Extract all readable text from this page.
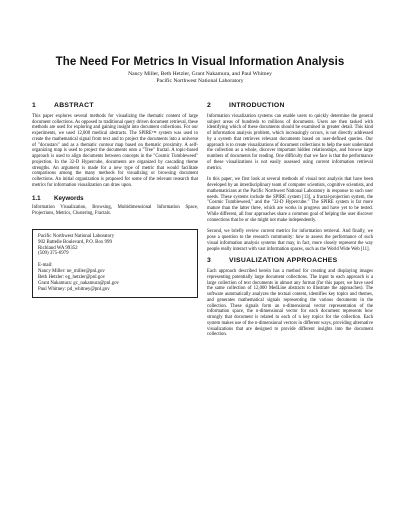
The Need For Metrics In Visual Information Analysis
Nancy Miller, Beth Hetzler, Grant Nakamura, and Paul Whitney
Pacific Northwest National Laboratory
1	ABSTRACT

This paper explores several methods for visualizing the thematic content of large document collections. As opposed to traditional query driven document retrieval, these methods are used for exploring and gaining insight into document collections. For our experiments, we used 12,000 medical abstracts. The SPIRE™ system was used to create the mathematical signal from text and to project the documents into a universe of "docustars" and as a thematic contour map based on thematic proximity. A self-organizing map is used to project the documents onto a "Tree" fractal. A topic-based approach is used to align documents between concepts in the "Cosmic Tumbleweed" projection. In the 32-D Hypercube, documents are organized by cascading theme strengths. An argument is made for a new type of metric that would facilitate comparisons among the many methods for visualizing or browsing document collections. An initial organization is proposed for some of the relevant research that metrics for information visualization can draw upon.

1.1 Keywords

Information Visualization, Browsing, Multidimensional Information Space, Projections, Metrics, Clustering, Fractals.

Pacific Northwest National Laboratory
902 Battelle Boulevard, P.O. Box 999
Richland WA 99352
(509) 375-6979
E-mail:
Nancy Miller: ne_miller@pnl.gov
Beth Hetzler: eg_hetzler@pnl.gov
Grant Nakamura: gc_nakamura@pnl.gov
Paul Whitney: pd_whitney@pnl.gov
2	INTRODUCTION

Information visualization systems can enable users to quickly determine the general subject areas of hundreds to millions of documents. Users are then tasked with identifying which of these documents should be examined in greater detail. This kind of information analysis problem, which increasingly occurs, is not directly addressed by a system that retrieves relevant documents based on user-defined queries. Our approach is to create visualizations of document collections to help the user understand the collection as a whole, discover important hidden relationships, and browse large numbers of documents for reading. One difficulty that we face is that the performance of these visualizations is not easily assessed using current information retrieval metrics.

In this paper, we first look at several methods of visual text analysis that have been developed by an interdisciplinary team of computer scientists, cognitive scientists, and mathematicians at the Pacific Northwest National Laboratory in response to such user needs. These systems include the SPIRE system [13], a fractal-projection system, the "Cosmic Tumbleweed," and the "32-D Hypercube." The SPIRE system is far more mature than the latter three, which are works in progress and have yet to be tested. While different, all four approaches share a common goal of helping the user discover connections that he or she might not make independently.

Second, we briefly review current metrics for information retrieval. And finally, we pose a question to the research community: how to assess the performance of such visual information analysis systems that may, in fact, more closely represent the way people really interact with vast information spaces, such as the World Wide Web [11].

3	VISUALIZATION APPROACHES

Each approach described herein has a method for creating and displaying images representing potentially large document collections. The input to each approach is a large collection of text documents in almost any format (for this paper, we have used the same collection of 12,000 MedLine abstracts to illustrate the approaches). The software automatically analyzes the textual content, identifies key topics and themes, and generates mathematical signals representing the various documents in the collection. These signals form an n-dimensional vector representation of the information space, the n-dimensional vector for each document represents how strongly that document is related to each of n key topics for the collection. Each system makes use of the n-dimensional vectors in different ways, providing alternative visualizations that are designed to provide different insights into the document collection.
